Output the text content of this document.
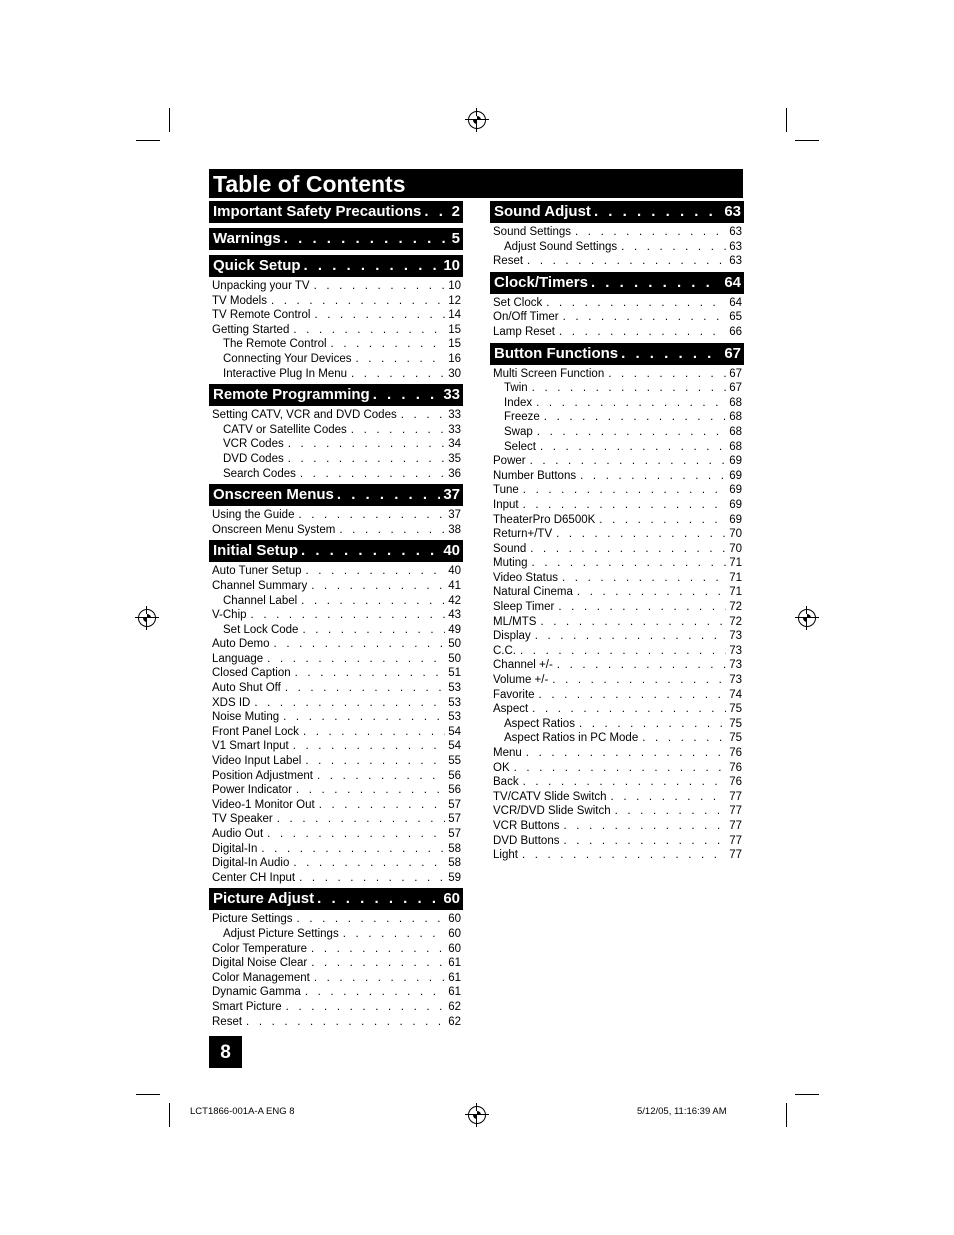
Table of Contents
Important Safety Precautions . . . 2
Warnings . . .	5
Quick Setup . . .	10
Unpacking your TV . . .	10
TV Models . . .	12
TV Remote Control . . .	14
Getting Started . . .	15
The Remote Control . . .	15
Connecting Your Devices . . .	16
Interactive Plug In Menu . . .	30
Remote Programming . . .	33
Setting CATV, VCR and DVD Codes . . .	33
CATV or Satellite Codes . . .	33
VCR Codes . . .	34
DVD Codes . . .	35
Search Codes . . .	36
Onscreen Menus . . .	37
Using the Guide . . .	37
Onscreen Menu System . . .	38
Initial Setup . . .	40
Auto Tuner Setup . . .	40
Channel Summary . . .	41
Channel Label . . .	42
V-Chip . . .	43
Set Lock Code . . .	49
Auto Demo . . .	50
Language . . .	50
Closed Caption . . .	51
Auto Shut Off . . .	53
XDS ID . . .	53
Noise Muting . . .	53
Front Panel Lock . . .	54
V1 Smart Input . . .	54
Video Input Label . . .	55
Position Adjustment . . .	56
Power Indicator . . .	56
Video-1 Monitor Out . . .	57
TV Speaker . . .	57
Audio Out . . .	57
Digital-In . . .	58
Digital-In Audio . . .	58
Center CH Input . . .	59
Picture Adjust . . .	60
Picture Settings . . .	60
Adjust Picture Settings . . .	60
Color Temperature . . .	60
Digital Noise Clear . . .	61
Color Management . . .	61
Dynamic Gamma . . .	61
Smart Picture . . .	62
Reset . . .	62
Sound Adjust . . .	63
Sound Settings . . .	63
Adjust Sound Settings . . .	63
Reset . . .	63
Clock/Timers . . .	64
Set Clock . . .	64
On/Off Timer . . .	65
Lamp Reset . . .	66
Button Functions . . .	67
Multi Screen Function . . .	67
Twin . . .	67
Index . . .	68
Freeze . . .	68
Swap . . .	68
Select . . .	68
Power . . .	69
Number Buttons . . .	69
Tune . . .	69
Input . . .	69
TheaterPro D6500K . . .	69
Return+/TV . . .	70
Sound . . .	70
Muting . . .	71
Video Status . . .	71
Natural Cinema . . .	71
Sleep Timer . . .	72
ML/MTS . . .	72
Display . . .	73
C.C. . . .	73
Channel +/- . . .	73
Volume +/- . . .	73
Favorite . . .	74
Aspect . . .	75
Aspect Ratios . . .	75
Aspect Ratios in PC Mode . . .	75
Menu . . .	76
OK . . .	76
Back . . .	76
TV/CATV Slide Switch . . .	77
VCR/DVD Slide Switch . . .	77
VCR Buttons . . .	77
DVD Buttons . . .	77
Light . . .	77
8
LCT1866-001A-A ENG 8	5/12/05, 11:16:39 AM
